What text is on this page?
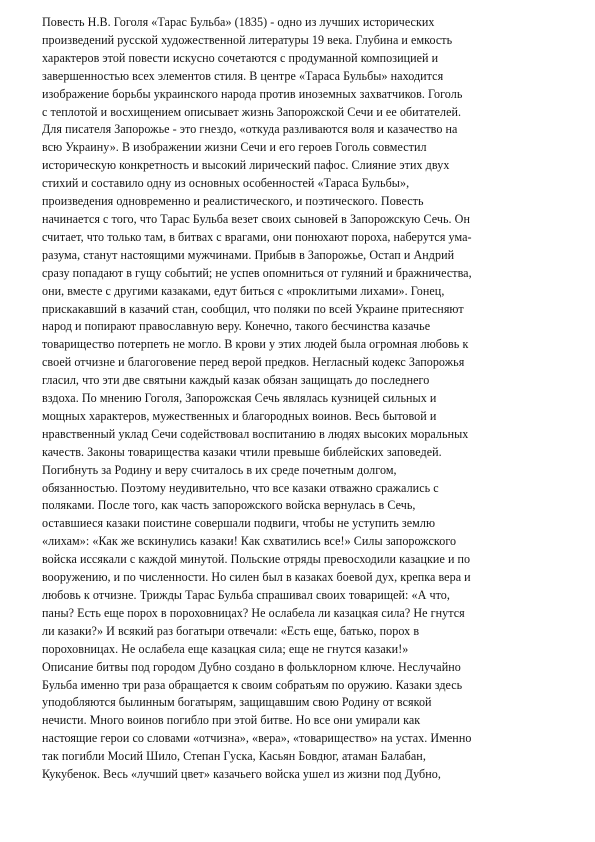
Повесть Н.В. Гоголя «Тарас Бульба» (1835) - одно из лучших исторических
произведений русской художественной литературы 19 века. Глубина и емкость
характеров этой повести искусно сочетаются с продуманной композицией и
завершенностью всех элементов стиля. В центре «Тараса Бульбы» находится
изображение борьбы украинского народа против иноземных захватчиков. Гоголь
с теплотой и восхищением описывает жизнь Запорожской Сечи и ее обитателей.
Для писателя Запорожье - это гнездо, «откуда разливаются воля и казачество на
всю Украину». В изображении жизни Сечи и его героев Гоголь совместил
историческую конкретность и высокий лирический пафос. Слияние этих двух
стихий и составило одну из основных особенностей «Тараса Бульбы»,
произведения одновременно и реалистического, и поэтического. Повесть
начинается с того, что Тарас Бульба везет своих сыновей в Запорожскую Сечь. Он
считает, что только там, в битвах с врагами, они понюхают пороха, наберутся ума-
разума, станут настоящими мужчинами. Прибыв в Запорожье, Остап и Андрий
сразу попадают в гущу событий; не успев опомниться от гуляний и бражничества,
они, вместе с другими казаками, едут биться с «проклитыми лихами». Гонец,
прискакавший в казачий стан, сообщил, что поляки по всей Украине притесняют
народ и попирают православную веру. Конечно, такого бесчинства казачье
товарищество потерпеть не могло. В крови у этих людей была огромная любовь к
своей отчизне и благоговение перед верой предков. Негласный кодекс Запорожья
гласил, что эти две святыни каждый казак обязан защищать до последнего
вздоха. По мнению Гоголя, Запорожская Сечь являлась кузницей сильных и
мощных характеров, мужественных и благородных воинов. Весь бытовой и
нравственный уклад Сечи содействовал воспитанию в людях высоких моральных
качеств. Законы товарищества казаки чтили превыше библейских заповедей.
Погибнуть за Родину и веру считалось в их среде почетным долгом,
обязанностью. Поэтому неудивительно, что все казаки отважно сражались с
поляками. После того, как часть запорожского войска вернулась в Сечь,
оставшиеся казаки поистине совершали подвиги, чтобы не уступить землю
«лихам»: «Как же вскинулись казаки! Как схватились все!» Силы запорожского
войска иссякали с каждой минутой. Польские отряды превосходили казацкие и по
вооружению, и по численности. Но силен был в казаках боевой дух, крепка вера и
любовь к отчизне. Трижды Тарас Бульба спрашивал своих товарищей: «А что,
паны? Есть еще порох в пороховницах? Не ослабела ли казацкая сила? Не гнутся
ли казаки?» И всякий раз богатыри отвечали: «Есть еще, батько, порох в
пороховницах. Не ослабела еще казацкая сила; еще не гнутся казаки!»
Описание битвы под городом Дубно создано в фольклорном ключе. Неслучайно
Бульба именно три раза обращается к своим собратьям по оружию. Казаки здесь
уподобляются былинным богатырям, защищавшим свою Родину от всякой
нечисти. Много воинов погибло при этой битве. Но все они умирали как
настоящие герои со словами «отчизна», «вера», «товарищество» на устах. Именно
так погибли Мосий Шило, Степан Гуска, Касьян Бовдюг, атаман Балабан,
Кукубенок. Весь «лучший цвет» казачьего войска ушел из жизни под Дубно,
